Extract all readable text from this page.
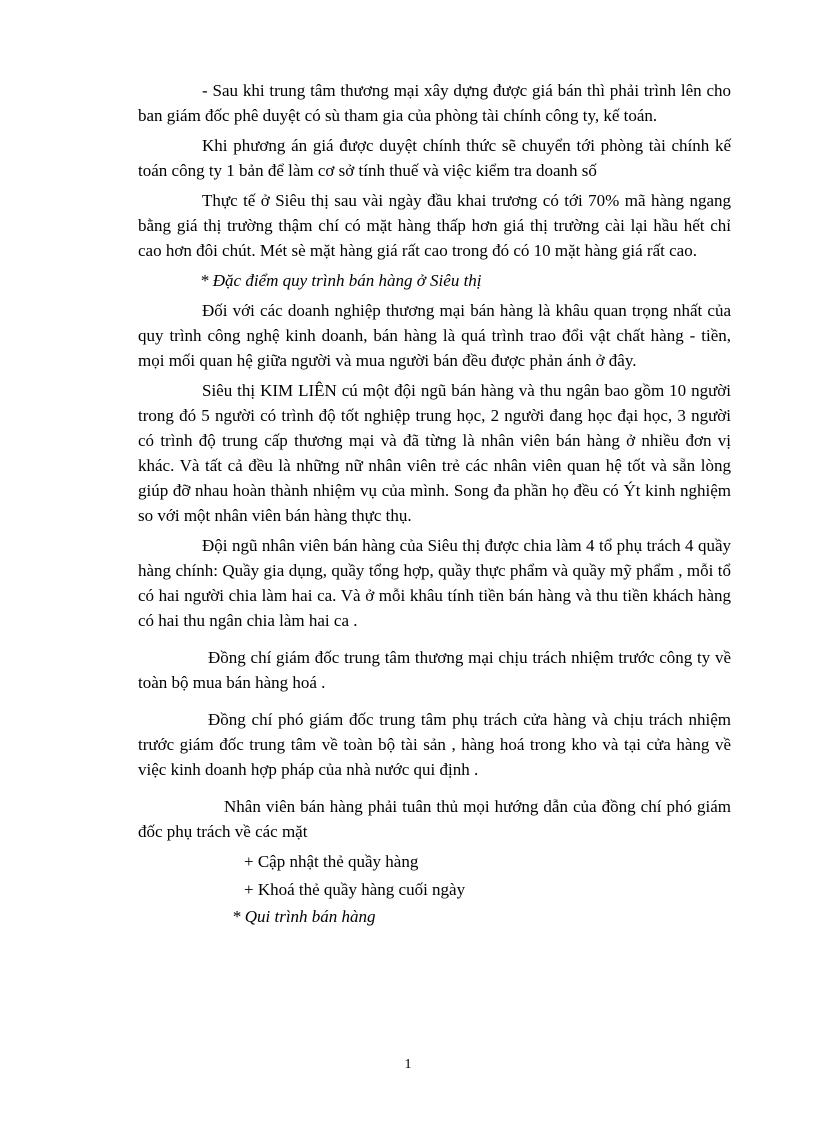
- Sau khi trung tâm thương mại xây dựng được giá bán thì phải trình lên cho ban giám đốc phê duyệt có sù tham gia của phòng tài chính công ty, kế toán.

Khi phương án giá được duyệt chính thức sẽ chuyển tới phòng tài chính kế toán công ty 1 bản để làm cơ sở tính thuế và việc kiểm tra doanh số

Thực tế ở Siêu thị sau vài ngày đầu khai trương có tới 70% mã hàng ngang bằng giá thị trường thậm chí có mặt hàng thấp hơn giá thị trường cài lại hầu hết chỉ cao hơn đôi chút. Mét sè mặt hàng giá rất cao trong đó có 10 mặt hàng giá rất cao.

* Đặc điểm quy trình bán hàng ở Siêu thị

Đối với các doanh nghiệp thương mại bán hàng là khâu quan trọng nhất của quy trình công nghệ kinh doanh, bán hàng là quá trình trao đổi vật chất hàng - tiền, mọi mối quan hệ giữa người và mua người bán đều được phản ánh ở đây.

Siêu thị KIM LIÊN cú một đội ngũ bán hàng và thu ngân bao gồm 10 người trong đó 5 người có trình độ tốt nghiệp trung học, 2 người đang học đại học, 3 người có trình độ trung cấp thương mại và đã từng là nhân viên bán hàng ở nhiều đơn vị khác. Và tất cả đều là những nữ nhân viên trẻ các nhân viên quan hệ tốt và sẵn lòng giúp đỡ nhau hoàn thành nhiệm vụ của mình. Song đa phần họ đều có Ýt kinh nghiệm so với một nhân viên bán hàng thực thụ.

Đội ngũ nhân viên bán hàng của Siêu thị được chia làm 4 tổ phụ trách 4 quầy hàng chính: Quầy gia dụng, quầy tổng hợp, quầy thực phẩm và quầy mỹ phẩm , mỗi tổ có hai người chia làm hai ca. Và ở mỗi khâu tính tiền bán hàng và thu tiền khách hàng có hai thu ngân chia làm hai ca .

Đồng chí giám đốc trung tâm thương mại chịu trách nhiệm trước công ty về toàn bộ mua bán hàng hoá .

Đồng chí phó giám đốc trung tâm phụ trách cửa hàng và chịu trách nhiệm trước giám đốc trung tâm về toàn bộ tài sản , hàng hoá trong kho và tại cửa hàng về việc kinh doanh hợp pháp của nhà nước qui định .

Nhân viên bán hàng phải tuân thủ mọi hướng dẫn của đồng chí phó giám đốc phụ trách về các mặt

+ Cập nhật thẻ quầy hàng

+ Khoá thẻ quầy hàng cuối ngày

* Qui trình bán hàng

1
